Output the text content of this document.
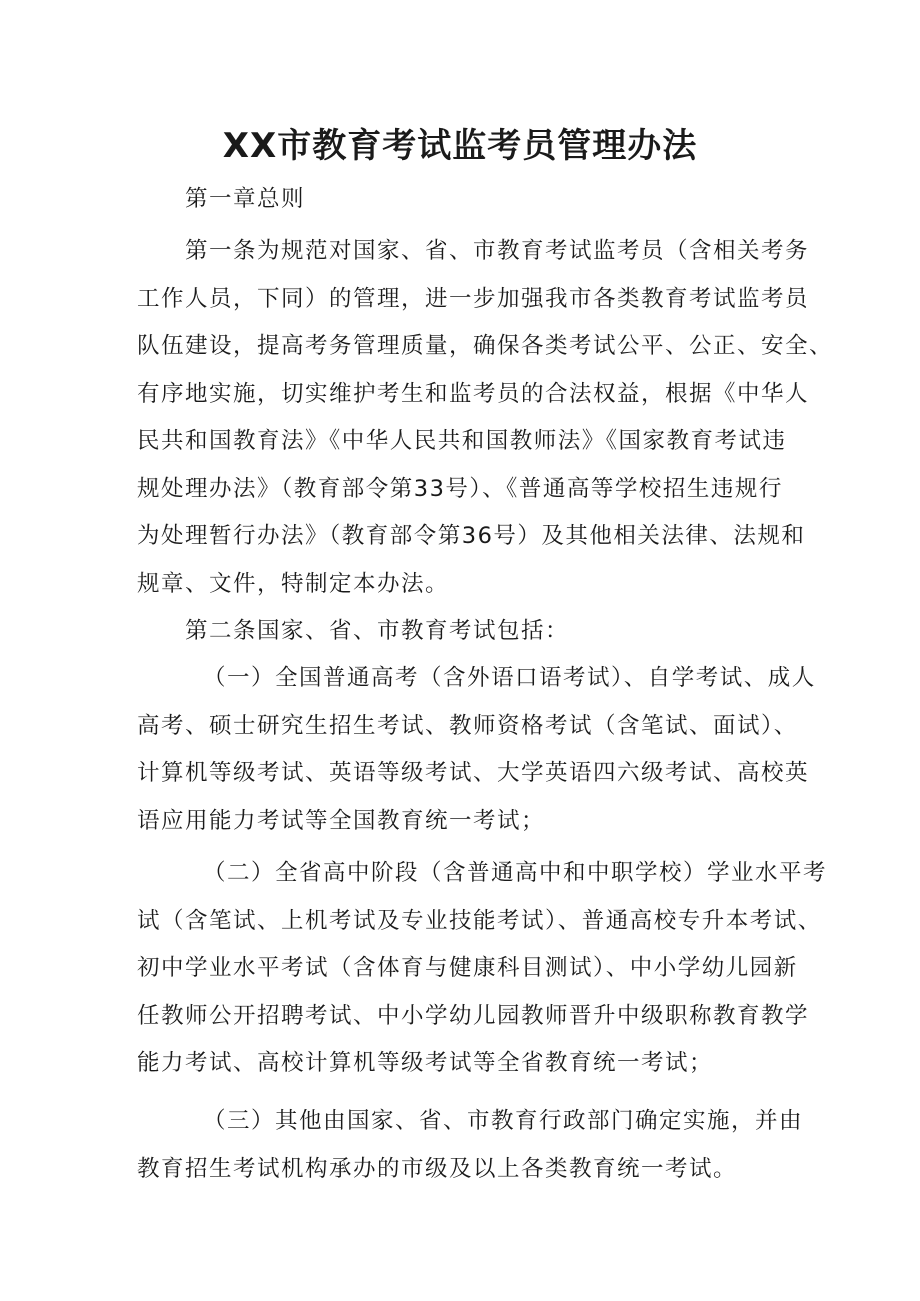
XX市教育考试监考员管理办法
第一章总则
第一条为规范对国家、省、市教育考试监考员（含相关考务
工作人员，下同）的管理，进一步加强我市各类教育考试监考员
队伍建设，提高考务管理质量，确保各类考试公平、公正、安全、
有序地实施，切实维护考生和监考员的合法权益，根据《中华人
民共和国教育法》《中华人民共和国教师法》《国家教育考试违
规处理办法》（教育部令第33号）、《普通高等学校招生违规行
为处理暂行办法》（教育部令第36号）及其他相关法律、法规和
规章、文件，特制定本办法。
第二条国家、省、市教育考试包括：
（一）全国普通高考（含外语口语考试）、自学考试、成人
高考、硕士研究生招生考试、教师资格考试（含笔试、面试）、
计算机等级考试、英语等级考试、大学英语四六级考试、高校英
语应用能力考试等全国教育统一考试；
（二）全省高中阶段（含普通高中和中职学校）学业水平考
试（含笔试、上机考试及专业技能考试）、普通高校专升本考试、
初中学业水平考试（含体育与健康科目测试）、中小学幼儿园新
任教师公开招聘考试、中小学幼儿园教师晋升中级职称教育教学
能力考试、高校计算机等级考试等全省教育统一考试；
（三）其他由国家、省、市教育行政部门确定实施，并由
教育招生考试机构承办的市级及以上各类教育统一考试。
